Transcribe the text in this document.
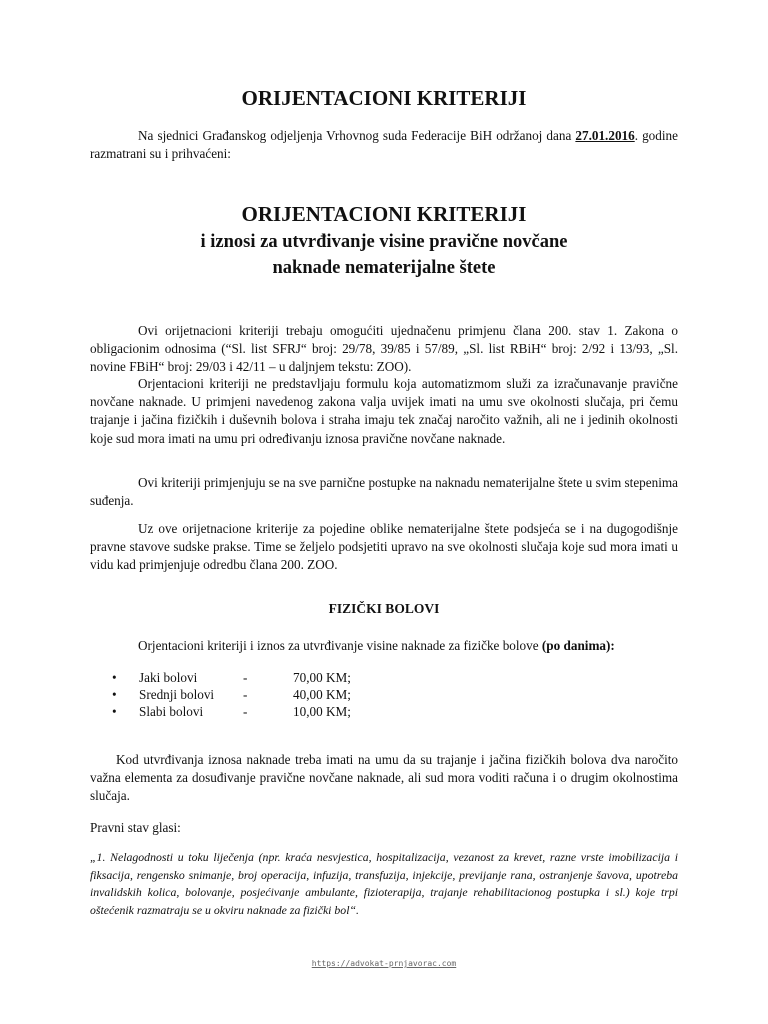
ORIJENTACIONI KRITERIJI
Na sjednici Građanskog odjeljenja Vrhovnog suda Federacije BiH održanoj dana 27.01.2016. godine razmatrani su i prihvaćeni:
ORIJENTACIONI KRITERIJI
i iznosi za utvrđivanje visine pravične novčane
naknade nematerijalne štete

Ovi orijetnacioni kriteriji trebaju omogućiti ujednačenu primjenu člana 200. stav 1. Zakona o obligacionim odnosima (“Sl. list SFRJ“ broj: 29/78, 39/85 i 57/89, „Sl. list RBiH“ broj: 2/92 i 13/93, „Sl. novine FBiH“ broj: 29/03 i 42/11 – u daljnjem tekstu: ZOO).

Orjentacioni kriteriji ne predstavljaju formulu koja automatizmom služi za izračunavanje pravične novčane naknade. U primjeni navedenog zakona valja uvijek imati na umu sve okolnosti slučaja, pri čemu trajanje i jačina fizičkih i duševnih bolova i straha imaju tek značaj naročito važnih, ali ne i jedinih okolnosti koje sud mora imati na umu pri određivanju iznosa pravične novčane naknade.

Ovi kriteriji primjenjuju se na sve parnične postupke na naknadu nematerijalne štete u svim stepenima suđenja.

Uz ove orijetnacione kriterije za pojedine oblike nematerijalne štete podsjeća se i na dugogodišnje pravne stavove sudske prakse. Time se željelo podsjetiti upravo na sve okolnosti slučaja koje sud mora imati u vidu kad primjenjuje odredbu člana 200. ZOO.

FIZIČKI BOLOVI

Orjentacioni kriteriji i iznos za utvrđivanje visine naknade za fizičke bolove (po danima):

• Jaki bolovi	-	70,00 KM;
• Srednji bolovi -	40,00 KM;
• Slabi bolovi	-	10,00 KM;

Kod utvrđivanja iznosa naknade treba imati na umu da su trajanje i jačina fizičkih bolova dva naročito važna elementa za dosuđivanje pravične novčane naknade, ali sud mora voditi računa i o drugim okolnostima slučaja.

Pravni stav glasi:
„1. Nelagodnosti u toku liječenja (npr. kraća nesvjestica, hospitalizacija, vezanost za krevet, razne vrste imobilizacija i fiksacija, rengensko snimanje, broj operacija, infuzija, transfuzija, injekcije, previjanje rana, ostranjenje šavova, upotreba invalidskih kolica, bolovanje, posjećivanje ambulante, fizioterapija, trajanje rehabilitacionog postupka i sl.) koje trpi oštećenik razmatraju se u okviru naknade za fizički bol“.
https://advokat-prnjavorac.com
